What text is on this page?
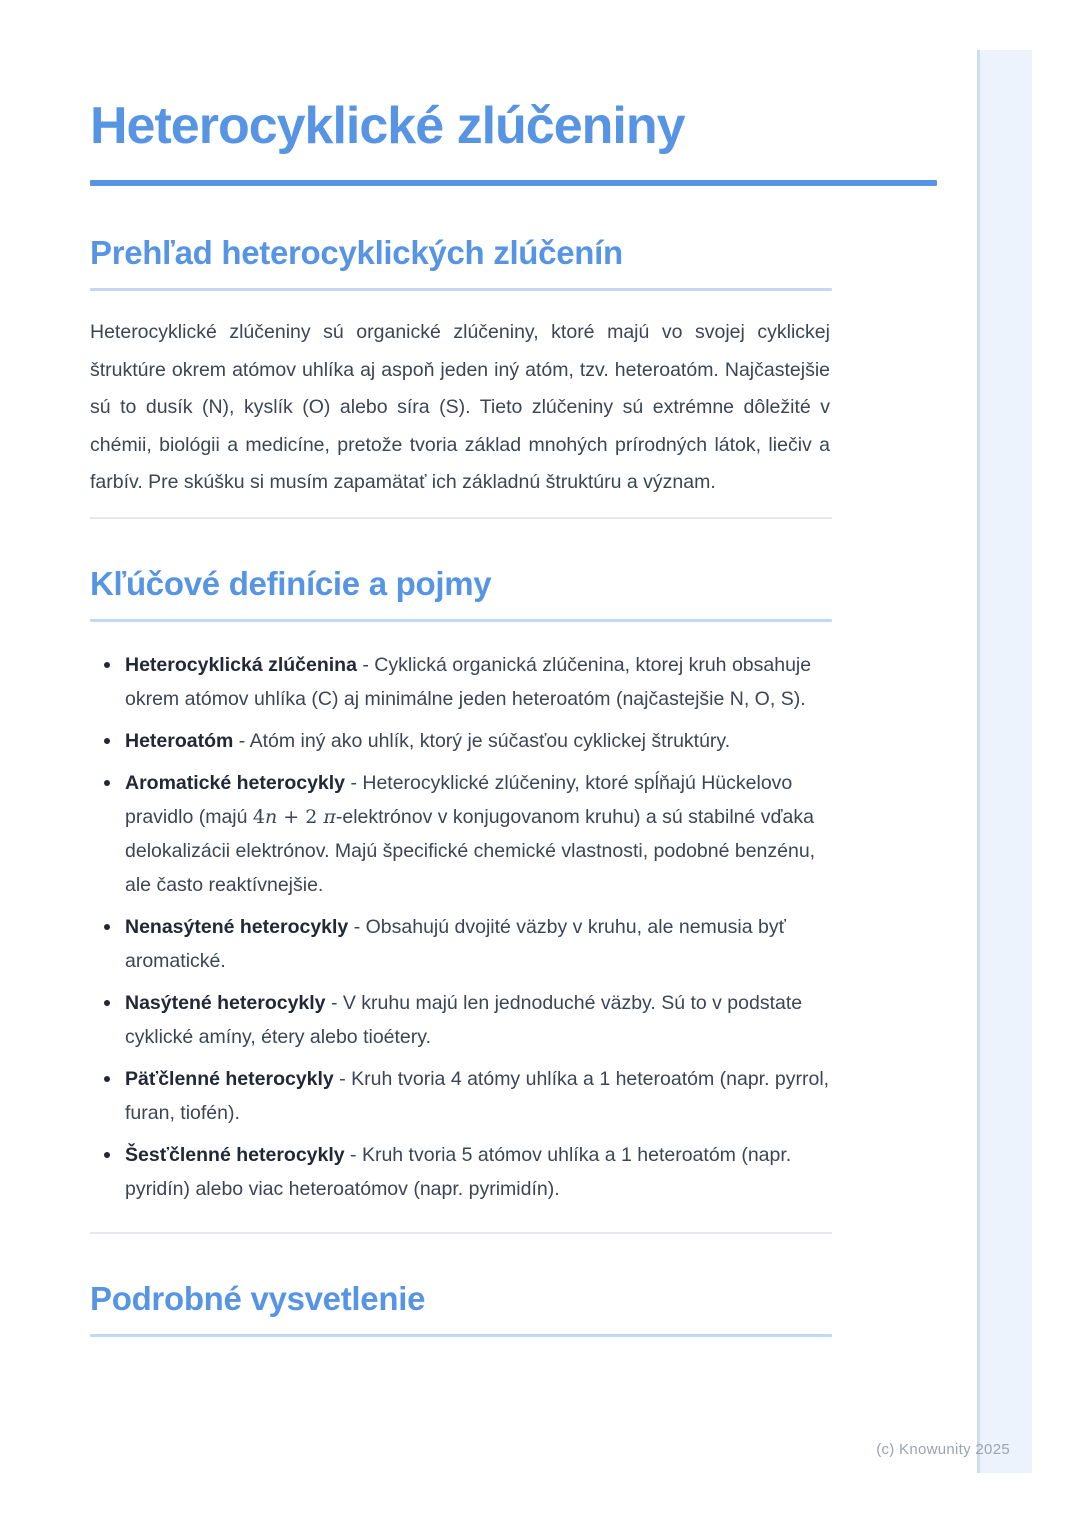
Heterocyklické zlúčeniny
Prehľad heterocyklických zlúčenín

Heterocyklické zlúčeniny sú organické zlúčeniny, ktoré majú vo svojej cyklickej štruktúre okrem atómov uhlíka aj aspoň jeden iný atóm, tzv. heteroatóm. Najčastejšie sú to dusík (N), kyslík (O) alebo síra (S). Tieto zlúčeniny sú extrémne dôležité v chémii, biológii a medicíne, pretože tvoria základ mnohých prírodných látok, liečiv a farbív. Pre skúšku si musím zapamätať ich základnú štruktúru a význam.

Kľúčové definície a pojmy
Heterocyklická zlúčenina - Cyklická organická zlúčenina, ktorej kruh obsahuje okrem atómov uhlíka (C) aj minimálne jeden heteroatóm (najčastejšie N, O, S).
Heteroatóm - Atóm iný ako uhlík, ktorý je súčasťou cyklickej štruktúry.
Aromatické heterocykly - Heterocyklické zlúčeniny, ktoré spĺňajú Hückelovo pravidlo (majú 4n + 2 π-elektrónov v konjugovanom kruhu) a sú stabilné vďaka delokalizácii elektrónov. Majú špecifické chemické vlastnosti, podobné benzénu, ale často reaktívnejšie.
Nenasýtené heterocykly - Obsahujú dvojité väzby v kruhu, ale nemusia byť aromatické.
Nasýtené heterocykly - V kruhu majú len jednoduché väzby. Sú to v podstate cyklické amíny, étery alebo tioétery.
Päťčlenné heterocykly - Kruh tvoria 4 atómy uhlíka a 1 heteroatóm (napr. pyrrol, furan, tiofén).
Šesťčlenné heterocykly - Kruh tvoria 5 atómov uhlíka a 1 heteroatóm (napr. pyridín) alebo viac heteroatómov (napr. pyrimidín).
Podrobné vysvetlenie
(c) Knowunity 2025
